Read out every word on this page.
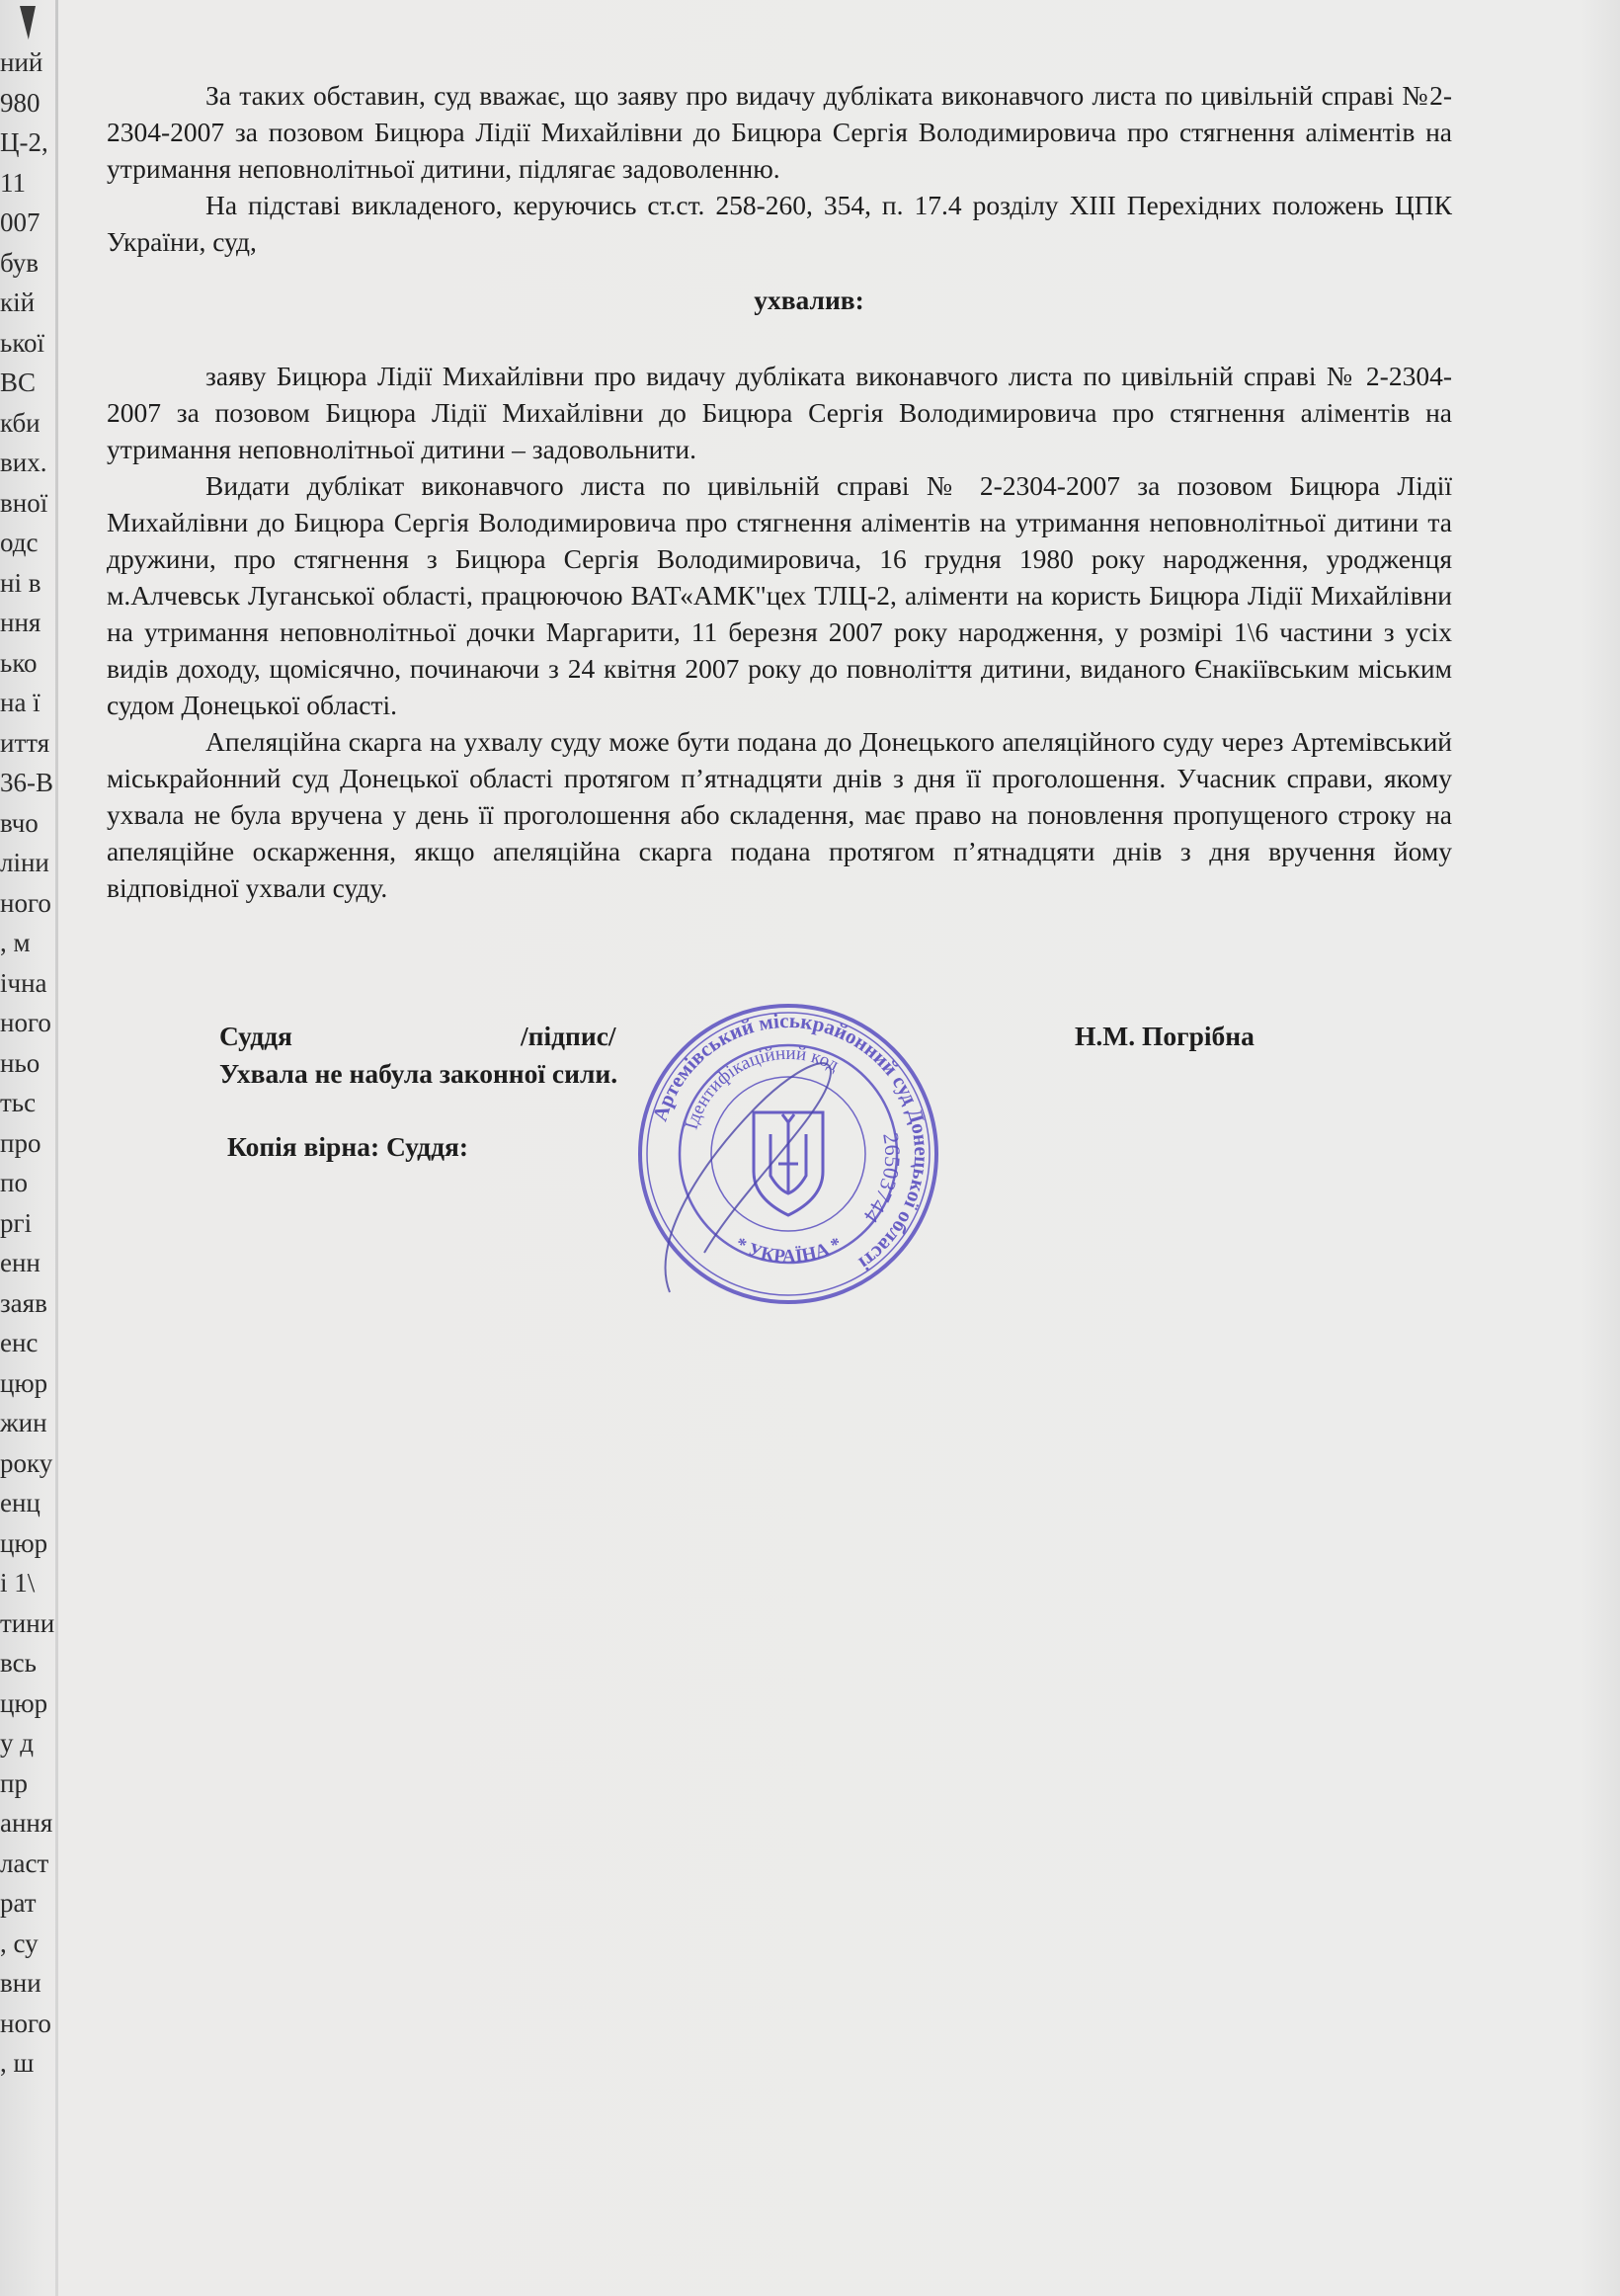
ний
980
Ц-2,
11
007
був
кій
ької
ВС
кби
вих.
вної
одс
ні в
ння
ько
на ї
иття
36-В
вчо
ліни
ного
, м
ічна
ного
ньо
тьс
про
по
ргі
енн
заяв
енс
цюр
жин
року
енц
цюр
і 1\
тини
всь
цюр
у д
пр
ання
ласт
рат
, су
вни
ного
, ш

За таких обставин, суд вважає, що заяву про видачу дубліката виконавчого листа по цивільній справі №2-2304-2007 за позовом Бицюра Лідії Михайлівни до Бицюра Сергія Володимировича про стягнення аліментів на утримання неповнолітньої дитини, підлягає задоволенню.

На підставі викладеного, керуючись ст.ст. 258-260, 354, п. 17.4 розділу XIII Перехідних положень ЦПК України, суд,

ухвалив:

заяву Бицюра Лідії Михайлівни про видачу дубліката виконавчого листа по цивільній справі № 2-2304-2007 за позовом Бицюра Лідії Михайлівни до Бицюра Сергія Володимировича про стягнення аліментів на утримання неповнолітньої дитини – задовольнити.

Видати дублікат виконавчого листа по цивільній справі № 2-2304-2007 за позовом Бицюра Лідії Михайлівни до Бицюра Сергія Володимировича про стягнення аліментів на утримання неповнолітньої дитини та дружини, про стягнення з Бицюра Сергія Володимировича, 16 грудня 1980 року народження, уродженця м.Алчевськ Луганської області, працюючою ВАТ«АМК"цех ТЛЦ-2, аліменти на користь Бицюра Лідії Михайлівни на утримання неповнолітньої дочки Маргарити, 11 березня 2007 року народження, у розмірі 1\6 частини з усіх видів доходу, щомісячно, починаючи з 24 квітня 2007 року до повноліття дитини, виданого Єнакіївським міським судом Донецької області.

Апеляційна скарга на ухвалу суду може бути подана до Донецького апеляційного суду через Артемівський міськрайонний суд Донецької області протягом п’ятнадцяти днів з дня її проголошення. Учасник справи, якому ухвала не була вручена у день її проголошення або складення, має право на поновлення пропущеного строку на апеляційне оскарження, якщо апеляційна скарга подана протягом п’ятнадцяти днів з дня вручення йому відповідної ухвали суду.

Суддя	/підпис/	Н.М. Погрібна
Ухвала не набула законної сили.
Копія вірна: Суддя:
Артемівський міськрайонний суд Донецької області
Ідентифікаційний код
26503744
* УКРАЇНА *
